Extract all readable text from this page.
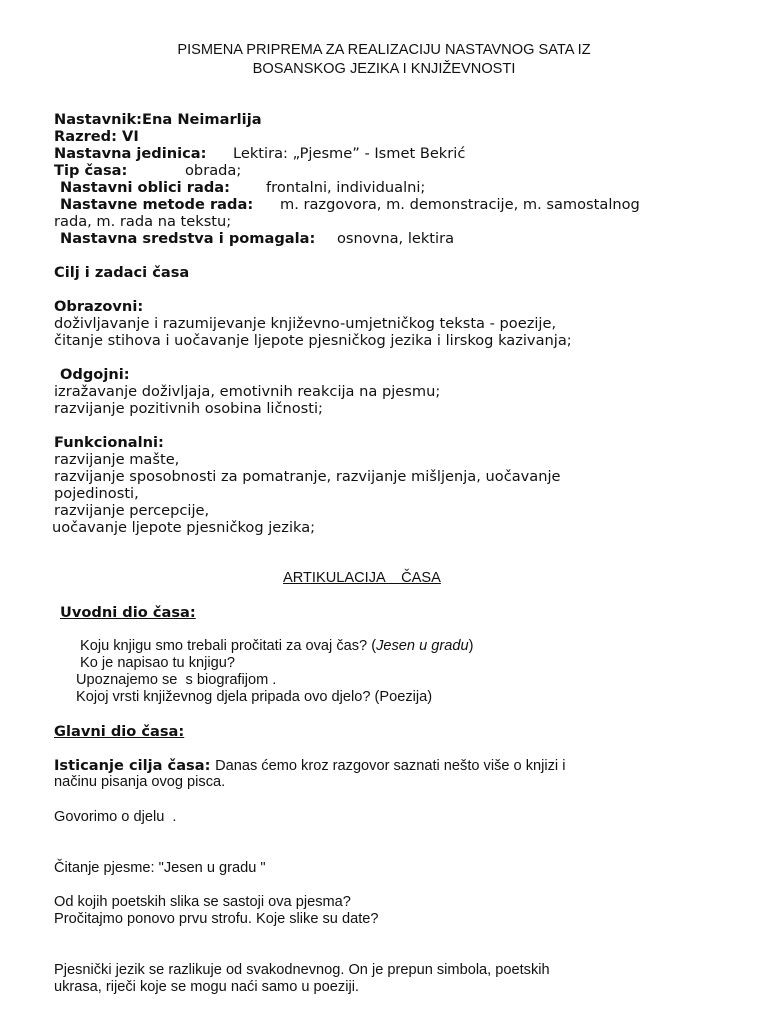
PISMENA PRIPREMA ZA REALIZACIJU NASTAVNOG SATA IZ
BOSANSKOG JEZIKA I KNJIŽEVNOSTI
Nastavnik:Ena Neimarlija
Razred: VI
Nastavna jedinica: Lektira: „Pjesme” - Ismet Bekrić
Tip časa:	obrada;
Nastavni oblici rada: frontalni, individualni;
Nastavne metode rada: m. razgovora, m. demonstracije, m. samostalnog
rada, m. rada na tekstu;
Nastavna sredstva i pomagala: osnovna, lektira
Cilj i zadaci časa
Obrazovni:
doživljavanje i razumijevanje književno-umjetničkog teksta - poezije,
čitanje stihova i uočavanje ljepote pjesničkog jezika i lirskog kazivanja;
Odgojni:
izražavanje doživljaja, emotivnih reakcija na pjesmu;
razvijanje pozitivnih osobina ličnosti;
Funkcionalni:
razvijanje mašte,
razvijanje sposobnosti za pomatranje, razvijanje mišljenja, uočavanje
pojedinosti,
razvijanje percepcije,
uočavanje ljepote pjesničkog jezika;
ARTIKULACIJA    ČASA
Uvodni dio časa:
Koju knjigu smo trebali pročitati za ovaj čas? (Jesen u gradu)
Ko je napisao tu knjigu?
Upoznajemo se  s biografijom .
Kojoj vrsti književnog djela pripada ovo djelo? (Poezija)
Glavni dio časa:
Isticanje cilja časa: Danas ćemo kroz razgovor saznati nešto više o knjizi i
načinu pisanja ovog pisca.
Govorimo o djelu  .
Čitanje pjesme: "Jesen u gradu "
Od kojih poetskih slika se sastoji ova pjesma?
Pročitajmo ponovo prvu strofu. Koje slike su date?
Pjesnički jezik se razlikuje od svakodnevnog. On je prepun simbola, poetskih
ukrasa, riječi koje se mogu naći samo u poeziji.
